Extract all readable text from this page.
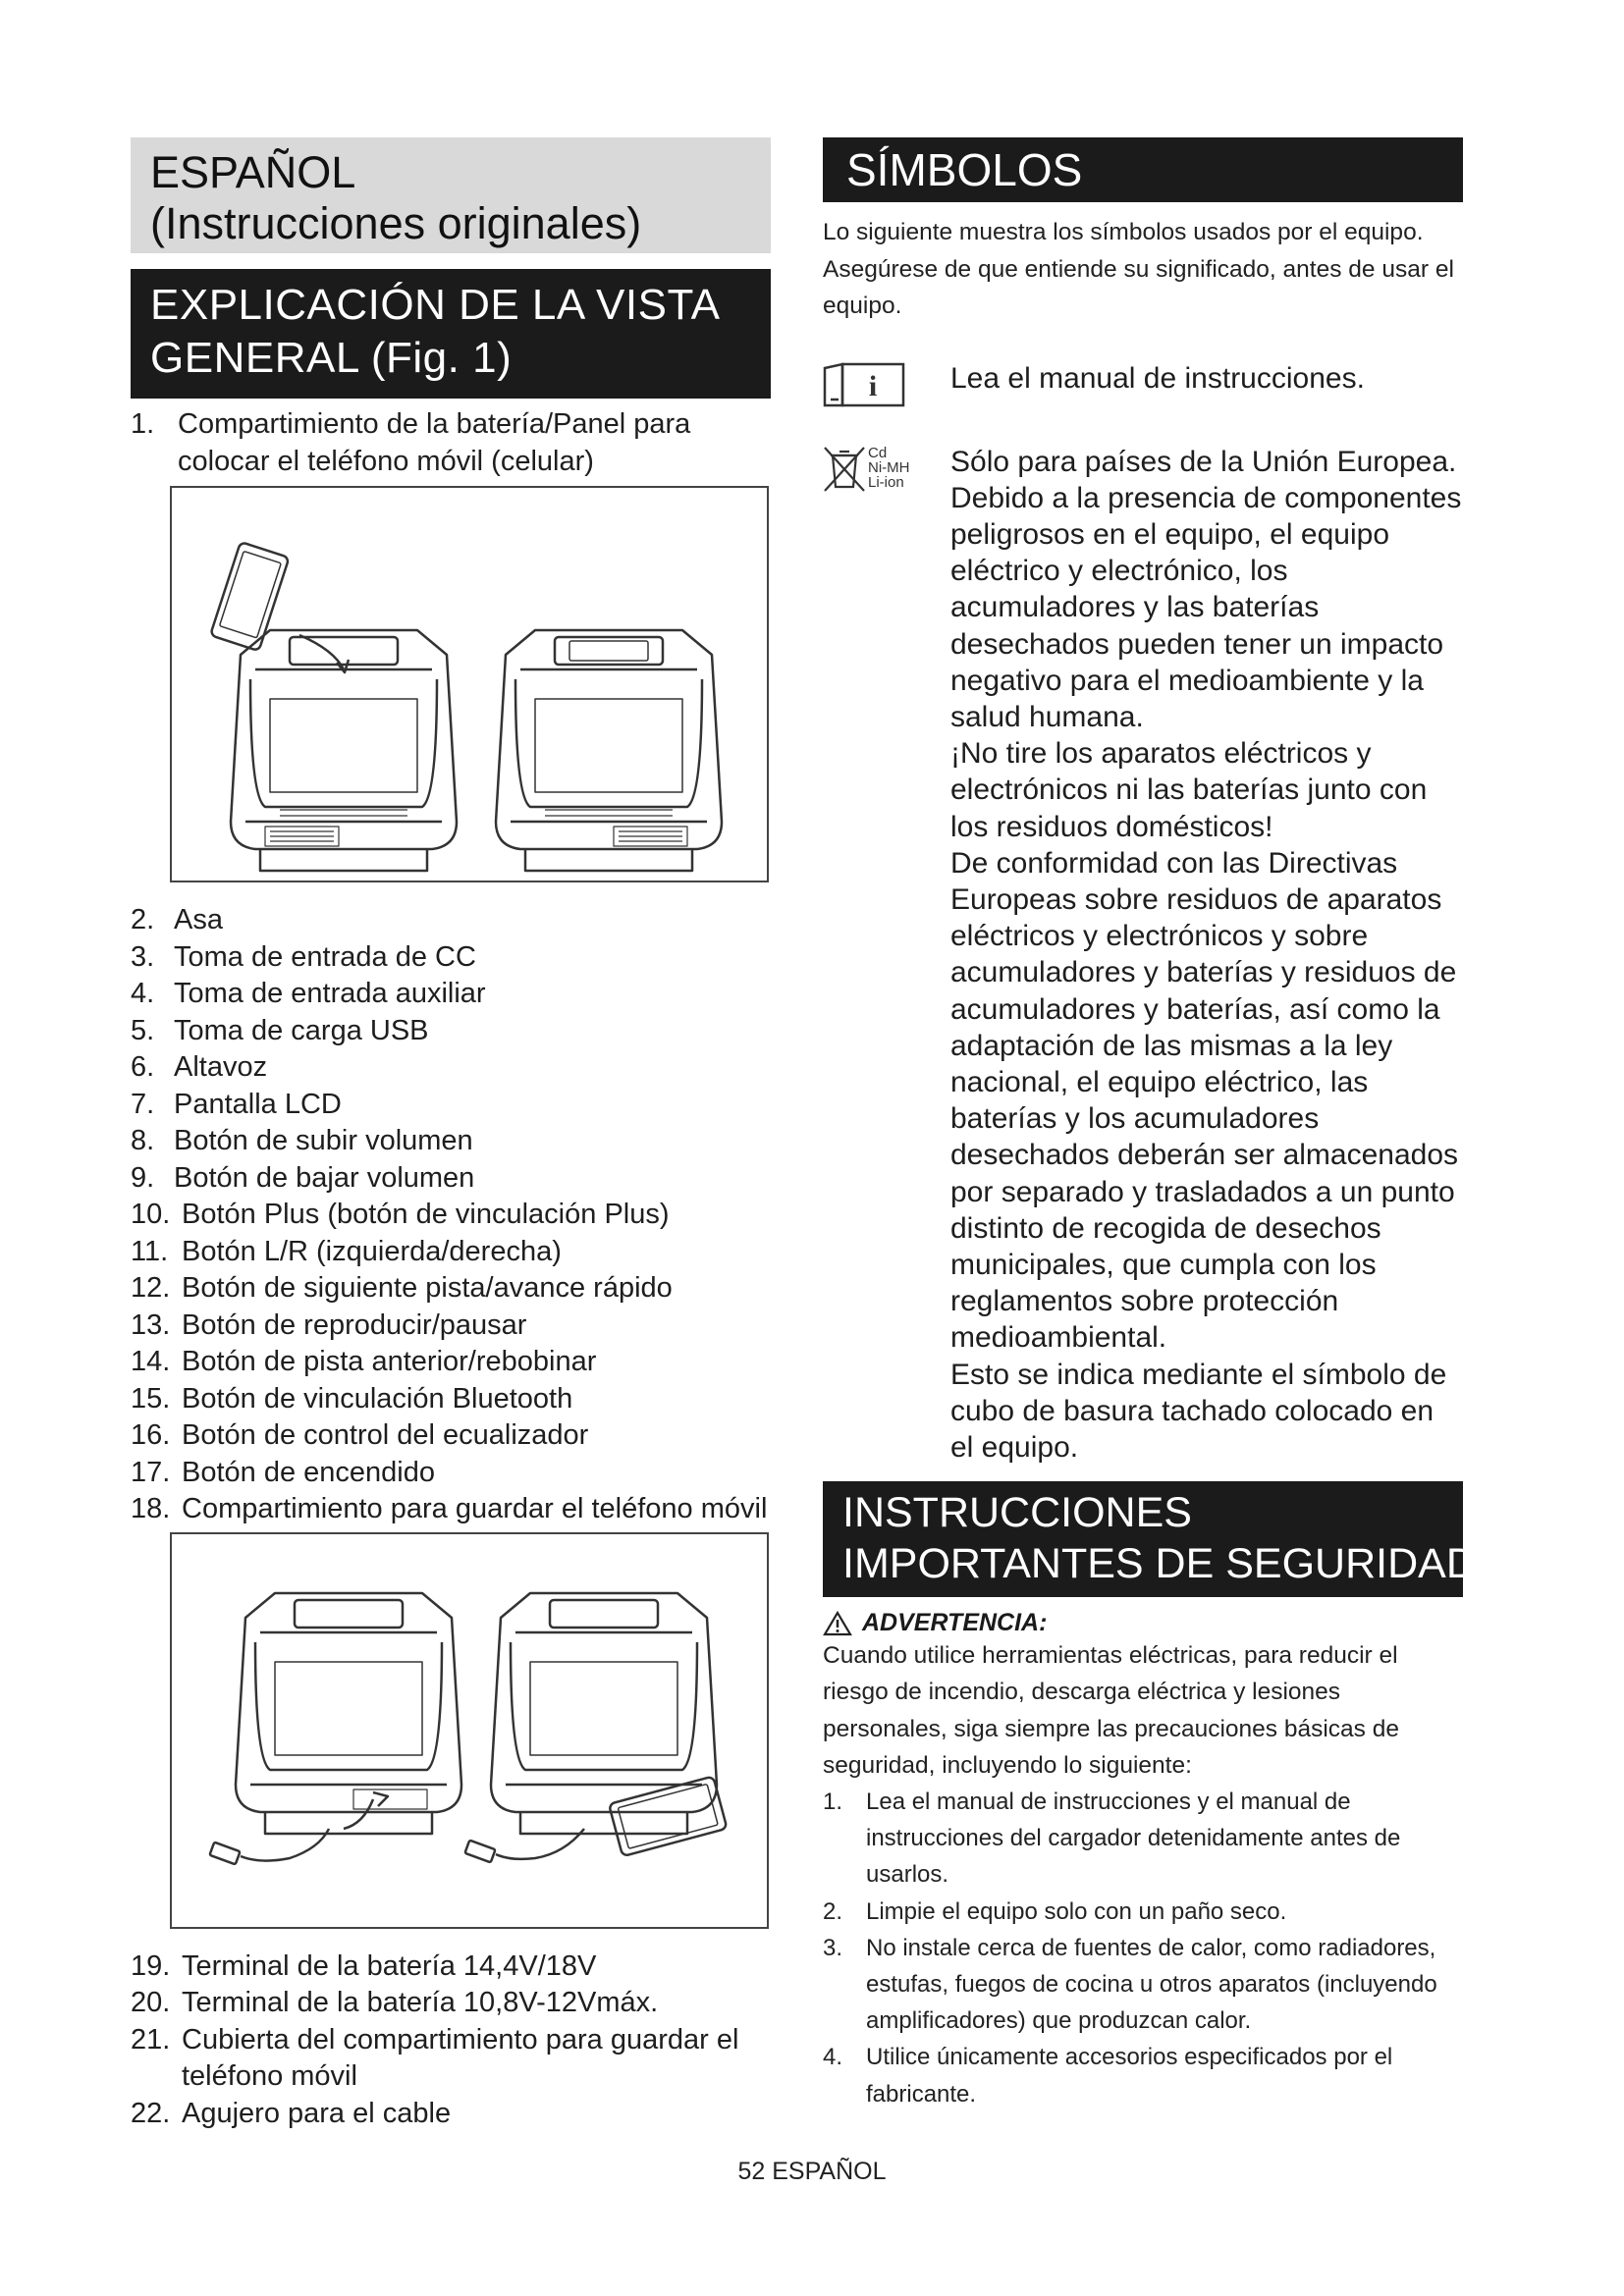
ESPAÑOL
(Instrucciones originales)
EXPLICACIÓN DE LA VISTA
GENERAL (Fig. 1)
1. Compartimiento de la batería/Panel para colocar el teléfono móvil (celular)
2. Asa
3. Toma de entrada de CC
4. Toma de entrada auxiliar
5. Toma de carga USB
6. Altavoz
7. Pantalla LCD
8. Botón de subir volumen
9. Botón de bajar volumen
10. Botón Plus (botón de vinculación Plus)
11. Botón L/R (izquierda/derecha)
12. Botón de siguiente pista/avance rápido
13. Botón de reproducir/pausar
14. Botón de pista anterior/rebobinar
15. Botón de vinculación Bluetooth
16. Botón de control del ecualizador
17. Botón de encendido
18. Compartimiento para guardar el teléfono móvil
19. Terminal de la batería 14,4V/18V
20. Terminal de la batería 10,8V-12Vmáx.
21. Cubierta del compartimiento para guardar el teléfono móvil
22. Agujero para el cable
SÍMBOLOS
Lo siguiente muestra los símbolos usados por el equipo. Asegúrese de que entiende su significado, antes de usar el equipo.
i Lea el manual de instrucciones.
Cd
Ni-MH
Li-ion
Sólo para países de la Unión Europea. Debido a la presencia de componentes peligrosos en el equipo, el equipo eléctrico y electrónico, los acumuladores y las baterías desechados pueden tener un impacto negativo para el medioambiente y la salud humana.
¡No tire los aparatos eléctricos y electrónicos ni las baterías junto con los residuos domésticos!
De conformidad con las Directivas Europeas sobre residuos de aparatos eléctricos y electrónicos y sobre acumuladores y baterías y residuos de acumuladores y baterías, así como la adaptación de las mismas a la ley nacional, el equipo eléctrico, las baterías y los acumuladores desechados deberán ser almacenados por separado y trasladados a un punto distinto de recogida de desechos municipales, que cumpla con los reglamentos sobre protección medioambiental.
Esto se indica mediante el símbolo de cubo de basura tachado colocado en el equipo.
INSTRUCCIONES
IMPORTANTES DE SEGURIDAD
ADVERTENCIA:
Cuando utilice herramientas eléctricas, para reducir el riesgo de incendio, descarga eléctrica y lesiones personales, siga siempre las precauciones básicas de seguridad, incluyendo lo siguiente:
1. Lea el manual de instrucciones y el manual de instrucciones del cargador detenidamente antes de usarlos.
2. Limpie el equipo solo con un paño seco.
3. No instale cerca de fuentes de calor, como radiadores, estufas, fuegos de cocina u otros aparatos (incluyendo amplificadores) que produzcan calor.
4. Utilice únicamente accesorios especificados por el fabricante.
52 ESPAÑOL
